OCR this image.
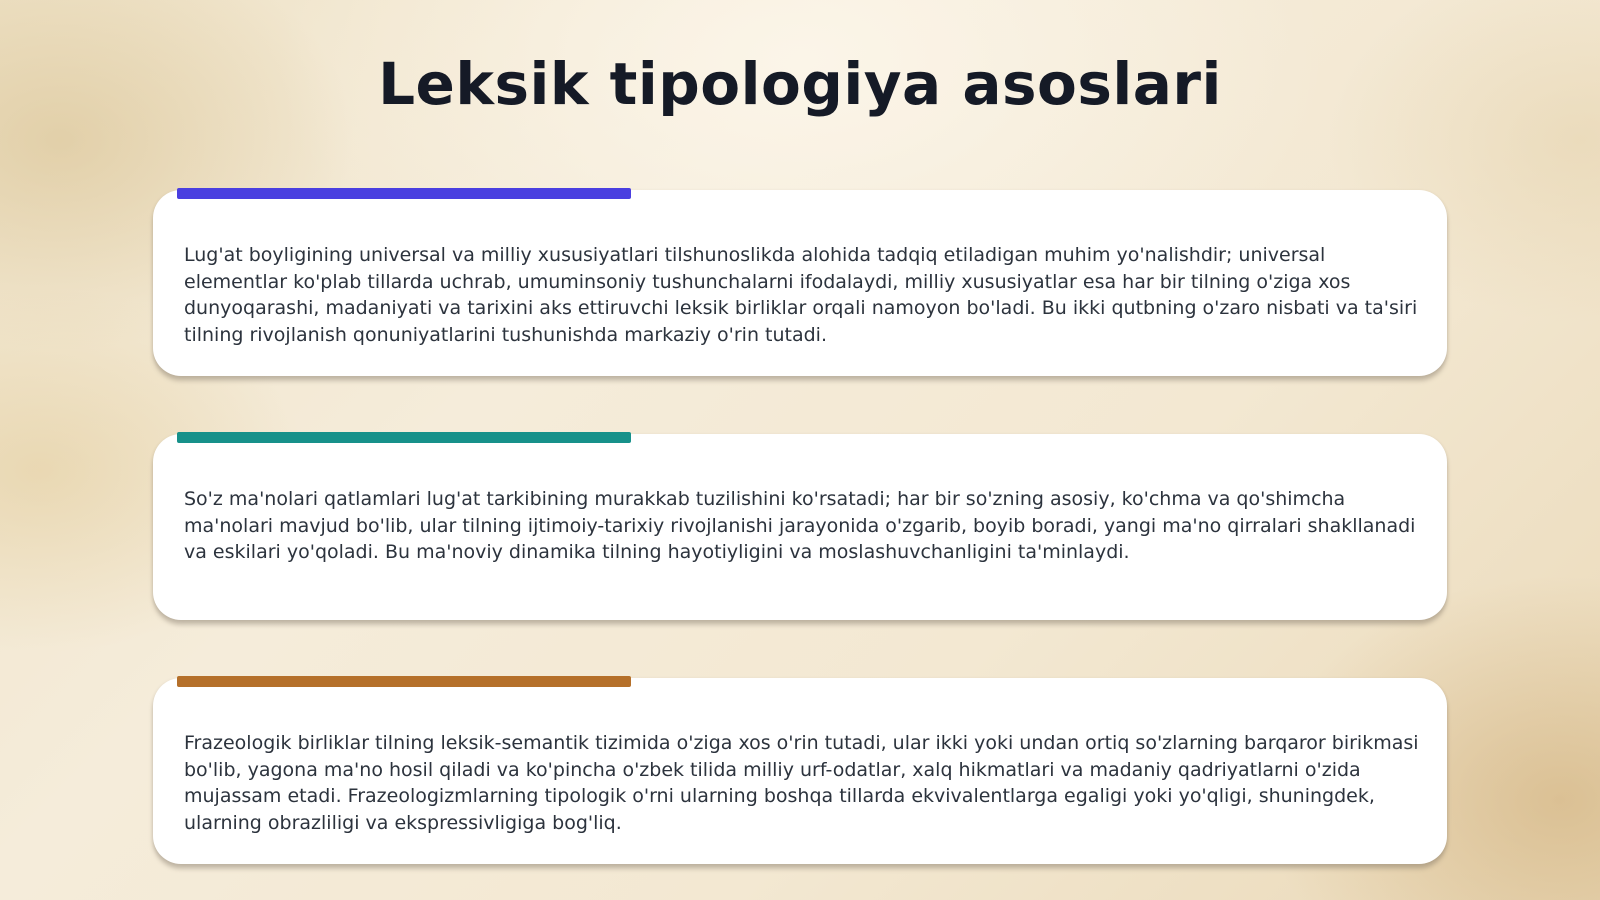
Leksik tipologiya asoslari

Lug'at boyligining universal va milliy xususiyatlari tilshunoslikda alohida tadqiq etiladigan muhim yo'nalishdir; universal elementlar ko'plab tillarda uchrab, umuminsoniy tushunchalarni ifodalaydi, milliy xususiyatlar esa har bir tilning o'ziga xos dunyoqarashi, madaniyati va tarixini aks ettiruvchi leksik birliklar orqali namoyon bo'ladi. Bu ikki qutbning o'zaro nisbati va ta'siri tilning rivojlanish qonuniyatlarini tushunishda markaziy o'rin tutadi.

So'z ma'nolari qatlamlari lug'at tarkibining murakkab tuzilishini ko'rsatadi; har bir so'zning asosiy, ko'chma va qo'shimcha ma'nolari mavjud bo'lib, ular tilning ijtimoiy-tarixiy rivojlanishi jarayonida o'zgarib, boyib boradi, yangi ma'no qirralari shakllanadi va eskilari yo'qoladi. Bu ma'noviy dinamika tilning hayotiyligini va moslashuvchanligini ta'minlaydi.

Frazeologik birliklar tilning leksik-semantik tizimida o'ziga xos o'rin tutadi, ular ikki yoki undan ortiq so'zlarning barqaror birikmasi bo'lib, yagona ma'no hosil qiladi va ko'pincha o'zbek tilida milliy urf-odatlar, xalq hikmatlari va madaniy qadriyatlarni o'zida mujassam etadi. Frazeologizmlarning tipologik o'rni ularning boshqa tillarda ekvivalentlarga egaligi yoki yo'qligi, shuningdek, ularning obrazliligi va ekspressivligiga bog'liq.
